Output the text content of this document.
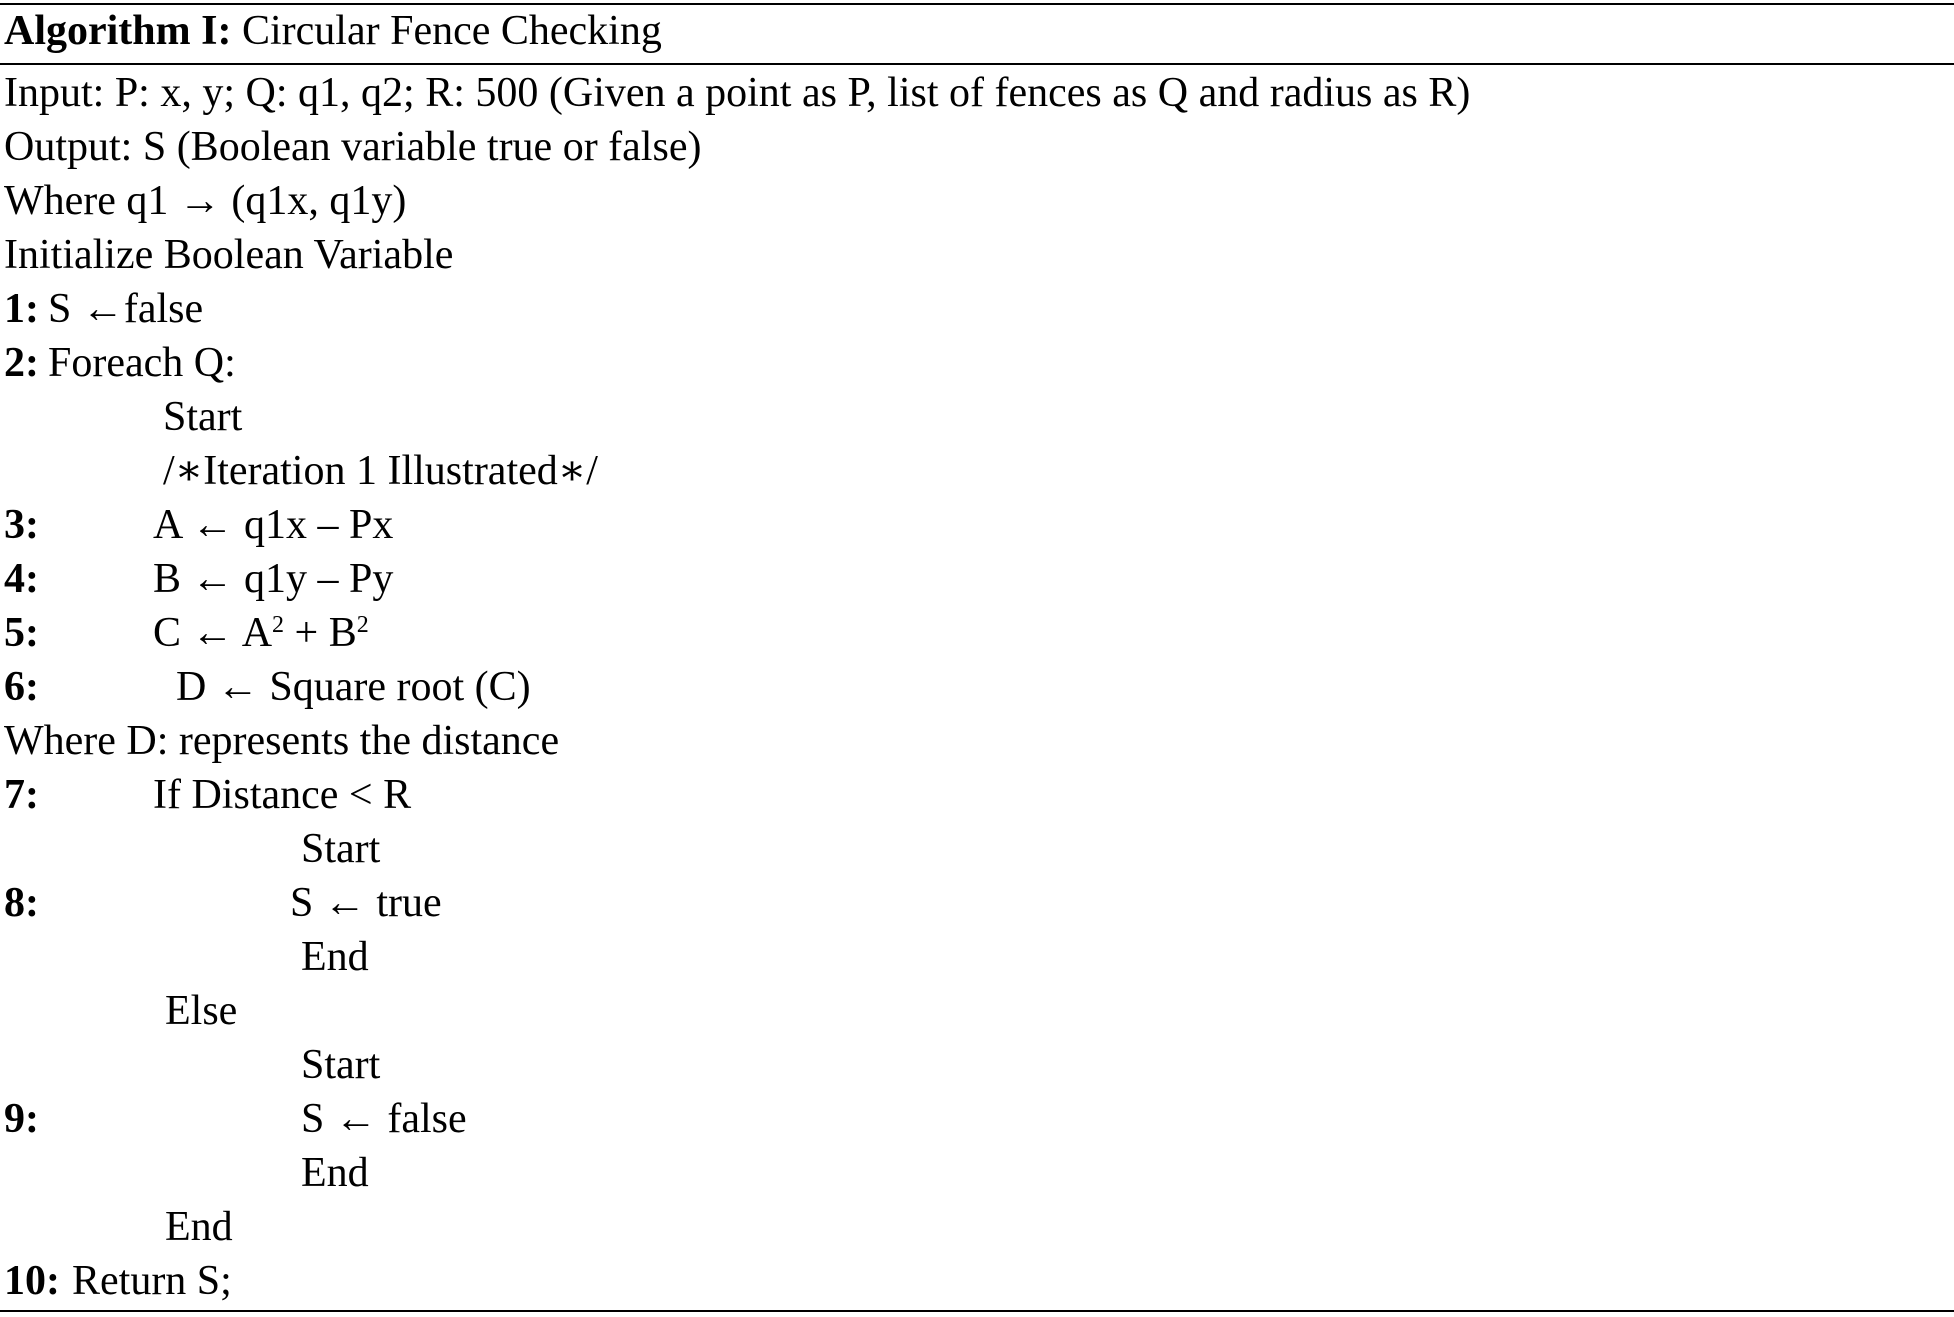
Algorithm I: Circular Fence Checking
Input: P: x, y; Q: q1, q2; R: 500 (Given a point as P, list of fences as Q and radius as R)
Output: S (Boolean variable true or false)
Where q1 → (q1x, q1y)
Initialize Boolean Variable
1: S ←false
2: Foreach Q:
Start
/∗Iteration 1 Illustrated∗/
3:	A ← q1x – Px
4:	B ← q1y – Py
5:	C ← $A^2 + B^2$
6:	D ← Square root (C)
Where D: represents the distance
7:	If Distance < R
Start
8:	S ← true
End
Else
Start
9:	S ← false
End
End
10: Return S;
